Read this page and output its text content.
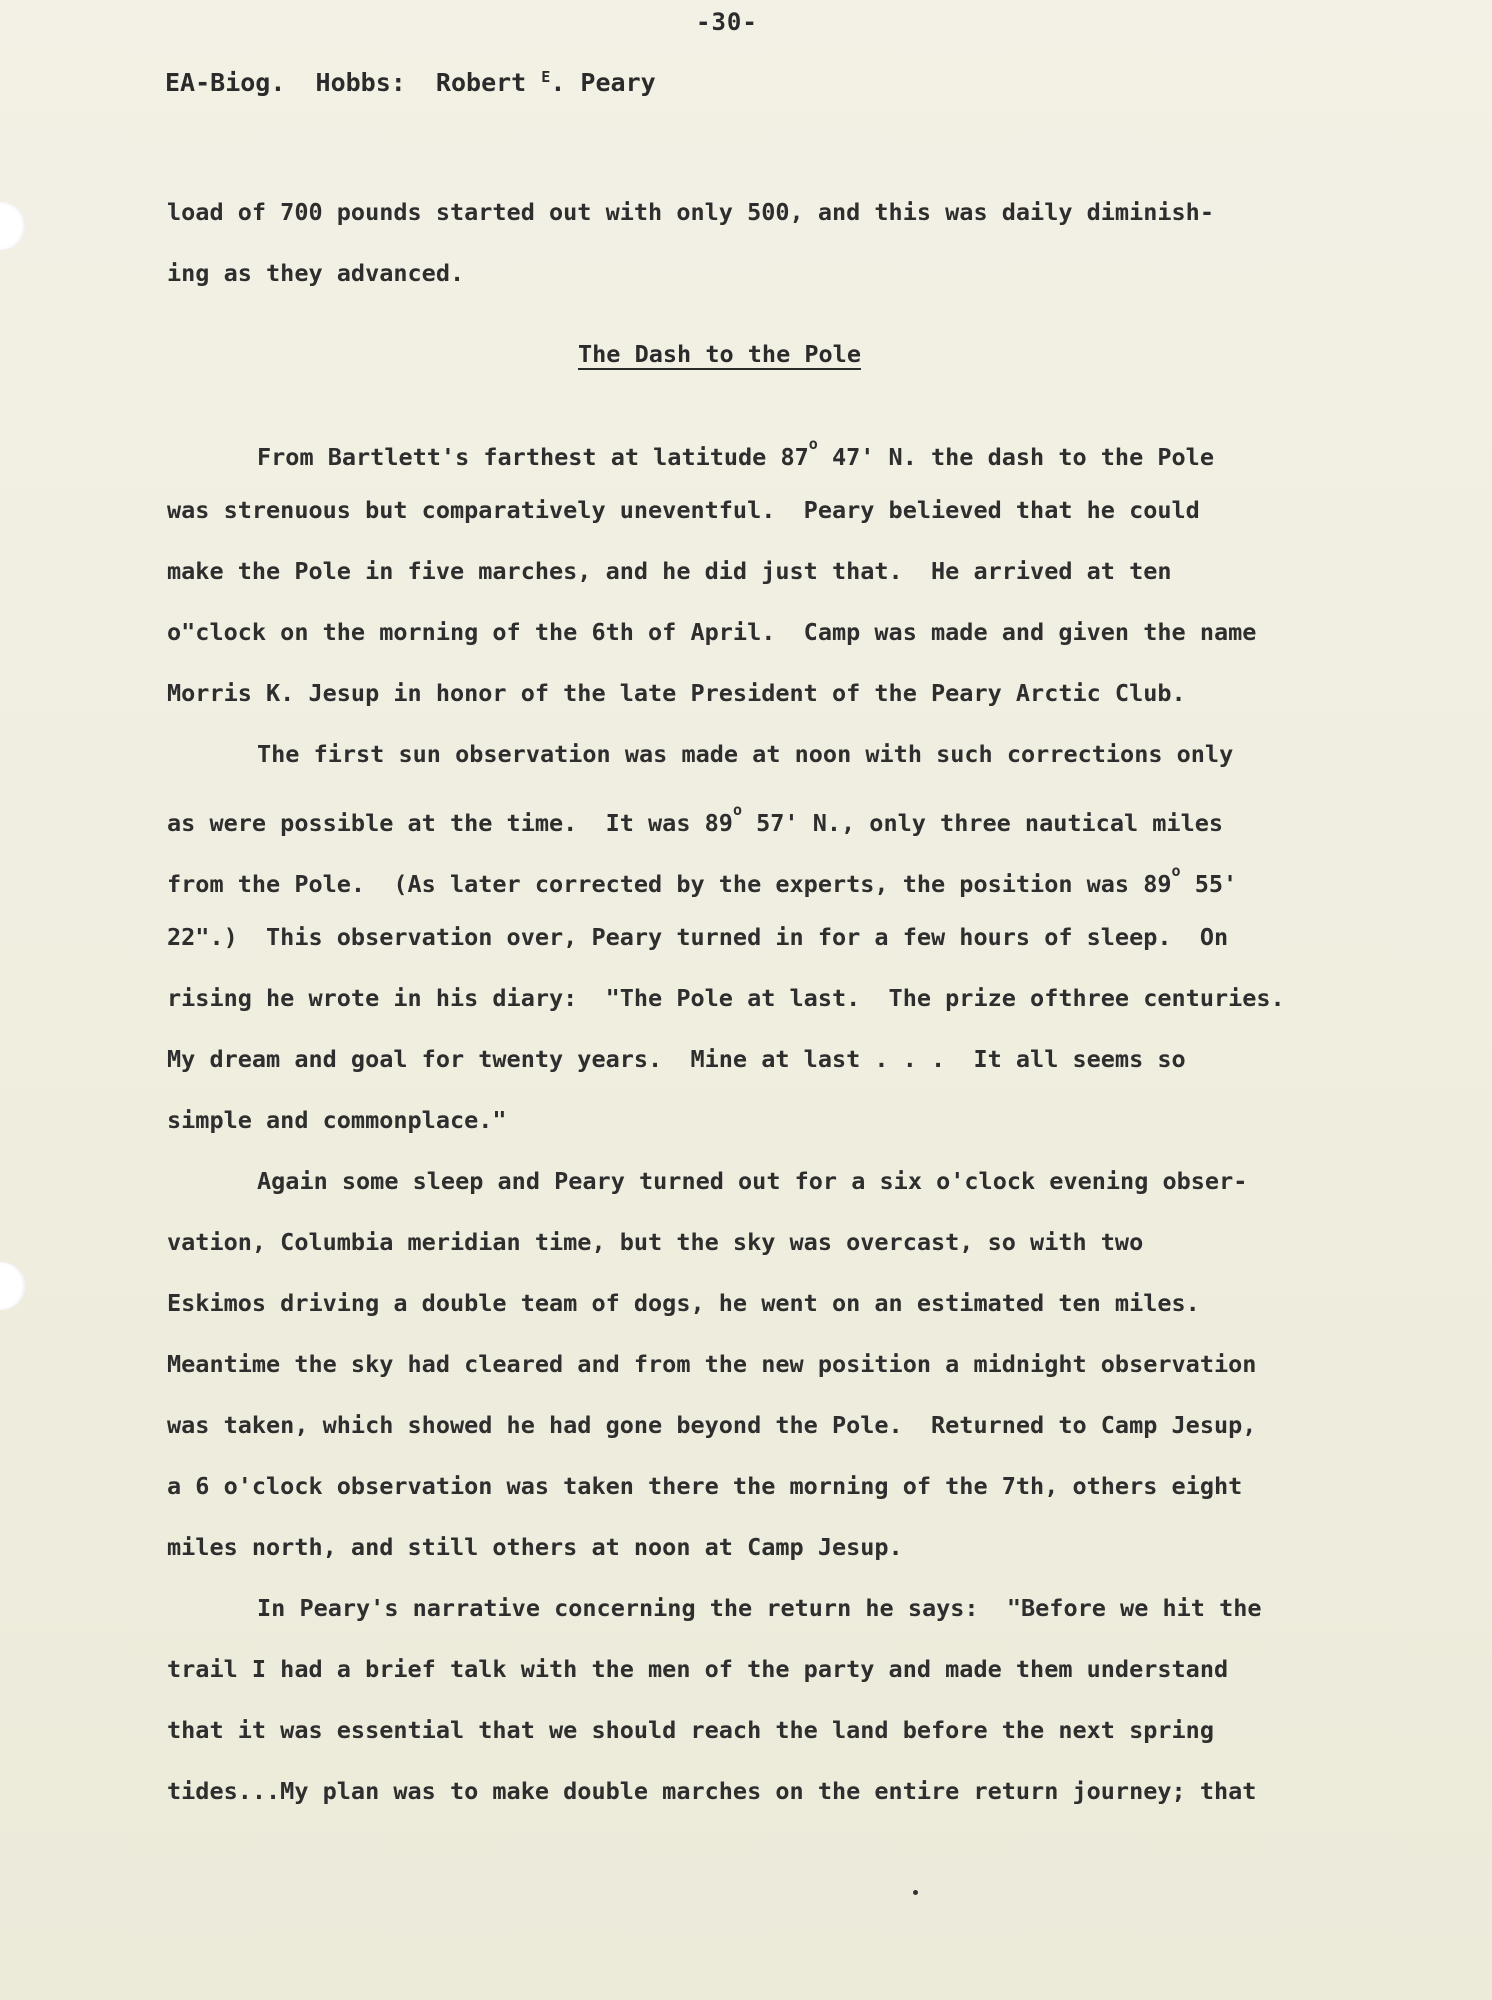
-30-
EA-Biog.  Hobbs:  Robert $^E$. Peary
load of 700 pounds started out with only 500, and this was daily diminish-
ing as they advanced.
The Dash to the Pole
From Bartlett's farthest at latitude 87$^o$ 47' N. the dash to the Pole
was strenuous but comparatively uneventful.  Peary believed that he could
make the Pole in five marches, and he did just that.  He arrived at ten
o"clock on the morning of the 6th of April.  Camp was made and given the name
Morris K. Jesup in honor of the late President of the Peary Arctic Club.
The first sun observation was made at noon with such corrections only
as were possible at the time.  It was 89$^o$ 57' N., only three nautical miles
from the Pole.  (As later corrected by the experts, the position was 89$^o$ 55'
22".)  This observation over, Peary turned in for a few hours of sleep.  On
rising he wrote in his diary:  "The Pole at last.  The prize ofthree centuries.
My dream and goal for twenty years.  Mine at last . . .  It all seems so
simple and commonplace."
Again some sleep and Peary turned out for a six o'clock evening obser-
vation, Columbia meridian time, but the sky was overcast, so with two
Eskimos driving a double team of dogs, he went on an estimated ten miles.
Meantime the sky had cleared and from the new position a midnight observation
was taken, which showed he had gone beyond the Pole.  Returned to Camp Jesup,
a 6 o'clock observation was taken there the morning of the 7th, others eight
miles north, and still others at noon at Camp Jesup.
In Peary's narrative concerning the return he says:  "Before we hit the
trail I had a brief talk with the men of the party and made them understand
that it was essential that we should reach the land before the next spring
tides...My plan was to make double marches on the entire return journey; that
